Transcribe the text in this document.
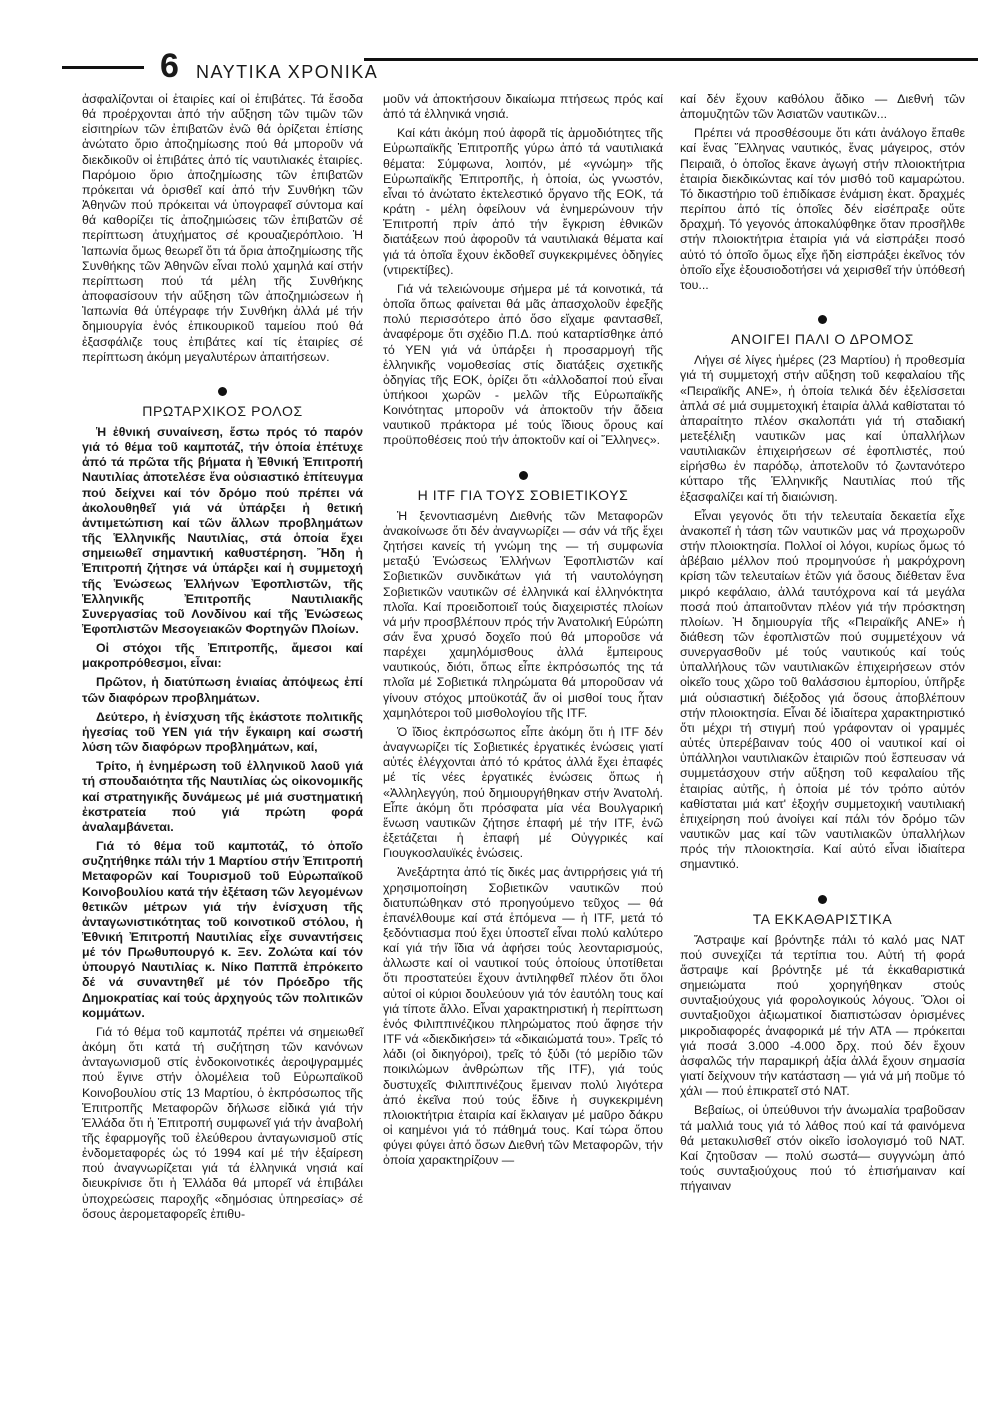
6 ΝΑΥΤΙΚΑ ΧΡΟΝΙΚΑ

ἀσφαλίζονται οἱ ἐταιρίες καί οἱ ἐπιβάτες. Τά ἔσοδα θά προέρχονται ἀπό τήν αὔξηση τῶν τιμῶν τῶν εἰσιτηρίων τῶν ἐπιβατῶν ἐνῶ θά ὁρίζεται ἐπίσης ἀνώτατο ὅριο ἀποζημίωσης πού θά μποροῦν νά διεκδικοῦν οἱ ἐπιβάτες ἀπό τίς ναυτιλιακές ἐταιρίες. Παρόμοιο ὅριο ἀποζημίωσης τῶν ἐπιβατῶν πρόκειται νά ὁρισθεῖ καί ἀπό τήν Συνθήκη τῶν Ἀθηνῶν πού πρόκειται νά ὑπογραφεῖ σύντομα καί θά καθορίζει τίς ἀποζημιώσεις τῶν ἐπιβατῶν σέ περίπτωση ἀτυχήματος σέ κρουαζιερόπλοιο. Ἡ Ἰαπωνία ὅμως θεωρεῖ ὅτι τά ὅρια ἀποζημίωσης τῆς Συνθήκης τῶν Ἀθηνῶν εἶναι πολύ χαμηλά καί στήν περίπτωση πού τά μέλη τῆς Συνθήκης ἀποφασίσουν τήν αὔξηση τῶν ἀποζημιώσεων ἡ Ἰαπωνία θά ὑπέγραφε τήν Συνθήκη ἀλλά μέ τήν δημιουργία ἑνός ἐπικουρικοῦ ταμείου πού θά ἐξασφάλιζε τους ἐπιβάτες καί τίς ἐταιρίες σέ περίπτωση ἀκόμη μεγαλυτέρων ἀπαιτήσεων.

ΠΡΩΤΑΡΧΙΚΟΣ ΡΟΛΟΣ

Ἡ ἐθνική συναίνεση, ἔστω πρός τό παρόν γιά τό θέμα τοῦ καμποτάζ, τήν ὁποία ἐπέτυχε ἀπό τά πρῶτα τῆς βήματα ἡ Ἐθνική Ἐπιτροπή Ναυτιλίας ἀποτελέσε ἕνα οὐσιαστικό ἐπίτευγμα πού δείχνει καί τόν δρόμο πού πρέπει νά ἀκολουθηθεῖ γιά νά ὑπάρξει ἡ θετική ἀντιμετώπιση καί τῶν ἄλλων προβλημάτων τῆς Ἑλληνικῆς Ναυτιλίας, στά ὁποία ἔχει σημειωθεῖ σημαντική καθυστέρηση. Ἤδη ἡ Ἐπιτροπή ζήτησε νά ὑπάρξει καί ἡ συμμετοχή τῆς Ἑνώσεως Ἑλλήνων Ἐφοπλιστῶν, τῆς Ἑλληνικῆς Ἐπιτροπῆς Ναυτιλιακῆς Συνεργασίας τοῦ Λονδίνου καί τῆς Ἑνώσεως Ἐφοπλιστῶν Μεσογειακῶν Φορτηγῶν Πλοίων.

Οἱ στόχοι τῆς Ἐπιτροπῆς, ἄμεσοι καί μακροπρόθεσμοι, εἶναι:

Πρῶτον, ἡ διατύπωση ἑνιαίας ἀπόψεως ἐπί τῶν διαφόρων προβλημάτων.

Δεύτερο, ἡ ἐνίσχυση τῆς ἑκάστοτε πολιτικῆς ἡγεσίας τοῦ ΥΕΝ γιά τήν ἔγκαιρη καί σωστή λύση τῶν διαφόρων προβλημάτων, καί,

Τρίτο, ἡ ἐνημέρωση τοῦ ἑλληνικοῦ λαοῦ γιά τή σπουδαιότητα τῆς Ναυτιλίας ὡς οἰκονομικῆς καί στρατηγικῆς δυνάμεως μέ μιά συστηματική ἐκστρατεία πού γιά πρώτη φορά ἀναλαμβάνεται.

Γιά τό θέμα τοῦ καμποτάζ, τό ὁποῖο συζητήθηκε πάλι τήν 1 Μαρτίου στήν Ἐπιτροπή Μεταφορῶν καί Τουρισμοῦ τοῦ Εὐρωπαϊκοῦ Κοινοβουλίου κατά τήν ἐξέταση τῶν λεγομένων θετικῶν μέτρων γιά τήν ἐνίσχυση τῆς ἀνταγωνιστικότητας τοῦ κοινοτικοῦ στόλου, ἡ Ἐθνική Ἐπιτροπή Ναυτιλίας εἶχε συναντήσεις μέ τόν Πρωθυπουργό κ. Ξεν. Ζολώτα καί τόν ὑπουργό Ναυτιλίας κ. Νίκο Παππᾶ ἐπρόκειτο δέ νά συναντηθεῖ μέ τόν Πρόεδρο τῆς Δημοκρατίας καί τούς ἀρχηγούς τῶν πολιτικῶν κομμάτων.

Γιά τό θέμα τοῦ καμποτάζ πρέπει νά σημειωθεῖ ἀκόμη ὅτι κατά τή συζήτηση τῶν κανόνων ἀνταγωνισμοῦ στίς ἐνδοκοινοτικές ἀεροψγραμμές πού ἔγινε στήν ὁλομέλεια τοῦ Εὐρωπαϊκοῦ Κοινοβουλίου στίς 13 Μαρτίου, ὁ ἐκπρόσωπος τῆς Ἐπιτροπῆς Μεταφορῶν δήλωσε εἰδικά γιά τήν Ἑλλάδα ὅτι ἡ Ἐπιτροπή συμφωνεῖ γιά τήν ἀναβολή τῆς ἐφαρμογῆς τοῦ ἐλεύθερου ἀνταγωνισμοῦ στίς ἐνδομεταφορές ὡς τό 1994 καί μέ τήν ἐξαίρεση πού ἀναγνωρίζεται γιά τά ἑλληνικά νησιά καί διευκρίνισε ὅτι ἡ Ἑλλάδα θά μπορεῖ νά ἐπιβάλει ὑποχρεώσεις παροχῆς «δημόσιας ὑπηρεσίας» σέ ὅσους ἀερομεταφορεῖς ἐπιθυ-

μοῦν νά ἀποκτήσουν δικαίωμα πτήσεως πρός καί ἀπό τά ἑλληνικά νησιά.

Καί κάτι ἀκόμη πού ἀφορᾶ τίς ἁρμοδιότητες τῆς Εὐρωπαϊκῆς Ἐπιτροπῆς γύρω ἀπό τά ναυτιλιακά θέματα: Σύμφωνα, λοιπόν, μέ «γνώμη» τῆς Εὐρωπαϊκῆς Ἐπιτροπῆς, ἡ ὁποία, ὡς γνωστόν, εἶναι τό ἀνώτατο ἐκτελεστικό ὄργανο τῆς ΕΟΚ, τά κράτη - μέλη ὀφείλουν νά ἐνημερώνουν τήν Ἐπιτροπή πρίν ἀπό τήν ἔγκριση ἐθνικῶν διατάξεων πού ἀφοροῦν τά ναυτιλιακά θέματα καί γιά τά ὁποῖα ἔχουν ἐκδοθεῖ συγκεκριμένες ὁδηγίες (ντιρεκτίβες).

Γιά νά τελειώνουμε σήμερα μέ τά κοινοτικά, τά ὁποῖα ὅπως φαίνεται θά μᾶς ἀπασχολοῦν ἐφεξῆς πολύ περισσότερο ἀπό ὅσο εἴχαμε φαντασθεῖ, ἀναφέρομε ὅτι σχέδιο Π.Δ. πού καταρτίσθηκε ἀπό τό ΥΕΝ γιά νά ὑπάρξει ἡ προσαρμογή τῆς ἑλληνικῆς νομοθεσίας στίς διατάξεις σχετικῆς ὁδηγίας τῆς ΕΟΚ, ὁρίζει ὅτι «ἀλλοδαποί πού εἶναι ὑπήκοοι χωρῶν - μελῶν τῆς Εὐρωπαϊκῆς Κοινότητας μποροῦν νά ἀποκτοῦν τήν ἄδεια ναυτικοῦ πράκτορα μέ τούς ἴδιους ὅρους καί προϋποθέσεις πού τήν ἀποκτοῦν καί οἱ Ἕλληνες».

Η ITF ΓΙΑ ΤΟΥΣ ΣΟΒΙΕΤΙΚΟΥΣ

Ἡ ξενοντιασμένη Διεθνής τῶν Μεταφορῶν ἀνακοίνωσε ὅτι δέν ἀναγνωρίζει — σάν νά τῆς ἔχει ζητήσει κανείς τή γνώμη της — τή συμφωνία μεταξύ Ἑνώσεως Ἑλλήνων Ἐφοπλιστῶν καί Σοβιετικῶν συνδικάτων γιά τή ναυτολόγηση Σοβιετικῶν ναυτικῶν σέ ἑλληνικά καί ἑλληνόκτητα πλοῖα. Καί προειδοποιεῖ τούς διαχειριστές πλοίων νά μήν προσβλέπουν πρός τήν Ἀνατολική Εὐρώπη σάν ἕνα χρυσό δοχεῖο πού θά μποροῦσε νά παρέχει χαμηλόμισθους ἀλλά ἔμπειρους ναυτικούς, διότι, ὅπως εἶπε ἐκπρόσωπός της τά πλοῖα μέ Σοβιετικά πληρώματα θά μποροῦσαν νά γίνουν στόχος μποϋκοτάζ ἄν οἱ μισθοί τους ἦταν χαμηλότεροι τοῦ μισθολογίου τῆς ITF.

Ὁ ἴδιος ἐκπρόσωπος εἶπε ἀκόμη ὅτι ἡ ITF δέν ἀναγνωρίζει τίς Σοβιετικές ἐργατικές ἑνώσεις γιατί αὐτές ἐλέγχονται ἀπό τό κράτος ἀλλά ἔχει ἐπαφές μέ τίς νέες ἐργατικές ἑνώσεις ὅπως ἡ «Ἀλληλεγγύη, πού δημιουργήθηκαν στήν Ἀνατολή. Εἶπε ἀκόμη ὅτι πρόσφατα μία νέα Βουλγαρική ἕνωση ναυτικῶν ζήτησε ἐπαφή μέ τήν ITF, ἐνῶ ἐξετάζεται ἡ ἐπαφή μέ Οὐγγρικές καί Γιουγκοσλαυϊκές ἑνώσεις.

Ἀνεξάρτητα ἀπό τίς δικές μας ἀντιρρήσεις γιά τή χρησιμοποίηση Σοβιετικῶν ναυτικῶν πού διατυπώθηκαν στό προηγούμενο τεῦχος — θά ἐπανέλθουμε καί στά ἑπόμενα — ἡ ITF, μετά τό ξεδόντιασμα πού ἔχει ὑποστεῖ εἶναι πολύ καλύτερο καί γιά τήν ἴδια νά ἀφήσει τούς λεονταρισμούς, ἀλλωστε καί οἱ ναυτικοί τούς ὁποίους ὑποτίθεται ὅτι προστατεύει ἔχουν ἀντιληφθεῖ πλέον ὅτι ὅλοι αὐτοί οἱ κύριοι δουλεύουν γιά τόν ἑαυτόλη τους καί γιά τίποτε ἄλλο. Εἶναι χαρακτηριστική ἡ περίπτωση ἑνός Φιλιππινέζικου πληρώματος πού ἄφησε τήν ITF νά «διεκδικήσει» τά «δικαιώματά του». Τρεῖς τό λάδι (οἱ δικηγόροι), τρεῖς τό ξύδι (τό μερίδιο τῶν ποικιλώμων ἀνθρώπων τῆς ITF), γιά τούς δυστυχεῖς Φιλιππινέζους ἔμειναν πολύ λιγότερα ἀπό ἐκεῖνα πού τούς ἔδινε ἡ συγκεκριμένη πλοιοκτήτρια ἐταιρία καί ἔκλαιγαν μέ μαῦρο δάκρυ οἱ καημένοι γιά τό πάθημά τους. Καί τώρα ὅπου φύγει φύγει ἀπό ὅσων Διεθνή τῶν Μεταφορῶν, τήν ὁποία χαρακτηρίζουν —

καί δέν ἔχουν καθόλου ἄδικο — Διεθνή τῶν ἀπομυζητῶν τῶν Ἀσιατῶν ναυτικῶν...

Πρέπει νά προσθέσουμε ὅτι κάτι ἀνάλογο ἔπαθε καί ἕνας Ἕλληνας ναυτικός, ἕνας μάγειρος, στόν Πειραιᾶ, ὁ ὁποῖος ἔκανε ἀγωγή στήν πλοιοκτήτρια ἐταιρία διεκδικώντας καί τόν μισθό τοῦ καμαρώτου. Τό δικαστήριο τοῦ ἐπιδίκασε ἐνάμιση ἑκατ. δραχμές περίπου ἀπό τίς ὁποῖες δέν εἰσέπραξε οὔτε δραχμή. Τό γεγονός ἀποκαλύφθηκε ὅταν προσῆλθε στήν πλοιοκτήτρια ἐταιρία γιά νά εἰσπράξει ποσό αὐτό τό ὁποῖο ὅμως εἶχε ἤδη εἰσπράξει ἐκεῖνος τόν ὁποῖο εἶχε ἐξουσιοδοτήσει νά χειρισθεῖ τήν ὑπόθεσή του...

ΑΝΟΙΓΕΙ ΠΑΛΙ Ο ΔΡΟΜΟΣ

Λήγει σέ λίγες ἡμέρες (23 Μαρτίου) ἡ προθεσμία γιά τή συμμετοχή στήν αὔξηση τοῦ κεφαλαίου τῆς «Πειραϊκῆς ΑΝΕ», ἡ ὁποία τελικά δέν ἐξελίσσεται ἁπλά σέ μιά συμμετοχική ἐταιρία ἀλλά καθίσταται τό ἀπαραίτητο πλέον σκαλοπάτι γιά τή σταδιακή μετεξέλιξη ναυτικῶν μας καί ὑπαλλήλων ναυτιλιακῶν ἐπιχειρήσεων σέ ἐφοπλιστές, πού εἰρήσθω ἐν παρόδῳ, ἀποτελοῦν τό ζωντανότερο κύτταρο τῆς Ἑλληνικῆς Ναυτιλίας πού τῆς ἐξασφαλίζει καί τή διαιώνιση.

Εἶναι γεγονός ὅτι τήν τελευταία δεκαετία εἶχε ἀνακοπεῖ ἡ τάση τῶν ναυτικῶν μας νά προχωροῦν στήν πλοιοκτησία. Πολλοί οἱ λόγοι, κυρίως ὅμως τό ἀβέβαιο μέλλον πού προμηνούσε ἡ μακρόχρονη κρίση τῶν τελευταίων ἐτῶν γιά ὅσους διέθεταν ἕνα μικρό κεφάλαιο, ἀλλά ταυτόχρονα καί τά μεγάλα ποσά πού ἀπαιτοῦνταν πλέον γιά τήν πρόσκτηση πλοίων. Ἡ δημιουργία τῆς «Πειραϊκῆς ΑΝΕ» ἡ διάθεση τῶν ἐφοπλιστῶν πού συμμετέχουν νά συνεργασθοῦν μέ τούς ναυτικούς καί τούς ὑπαλλήλους τῶν ναυτιλιακῶν ἐπιχειρήσεων στόν οἰκεῖο τους χῶρο τοῦ θαλάσσιου ἐμπορίου, ὑπῆρξε μιά οὐσιαστική διέξοδος γιά ὅσους ἀποβλέπουν στήν πλοιοκτησία. Εἶναι δέ ἰδιαίτερα χαρακτηριστικό ὅτι μέχρι τή στιγμή πού γράφονταν οἱ γραμμές αὐτές ὑπερέβαιναν τούς 400 οἱ ναυτικοί καί οἱ ὑπάλληλοι ναυτιλιακῶν ἐταιριῶν πού ἔσπευσαν νά συμμετάσχουν στήν αὔξηση τοῦ κεφαλαίου τῆς ἐταιρίας αὐτῆς, ἡ ὁποία μέ τόν τρόπο αὐτόν καθίσταται μιά κατ' ἐξοχήν συμμετοχική ναυτιλιακή ἐπιχείρηση πού ἀνοίγει καί πάλι τόν δρόμο τῶν ναυτικῶν μας καί τῶν ναυτιλιακῶν ὑπαλλήλων πρός τήν πλοιοκτησία. Καί αὐτό εἶναι ἰδιαίτερα σημαντικό.

ΤΑ ΕΚΚΑΘΑΡΙΣΤΙΚΑ

Ἄστραψε καί βρόντηξε πάλι τό καλό μας ΝΑΤ πού συνεχίζει τά τερτίπια του. Αὐτή τή φορά ἄστραψε καί βρόντηξε μέ τά ἐκκαθαριστικά σημειώματα πού χορηγήθηκαν στούς συνταξιούχους γιά φορολογικούς λόγους. Ὅλοι οἱ συνταξιοῦχοι ἀξιωματικοί διαπιστώσαν ὁρισμένες μικροδιαφορές ἀναφορικά μέ τήν ΑΤΑ — πρόκειται γιά ποσά 3.000 -4.000 δρχ. πού δέν ἔχουν ἀσφαλῶς τήν παραμικρή ἀξία ἀλλά ἔχουν σημασία γιατί δείχνουν τήν κατάσταση — γιά νά μή ποῦμε τό χάλι — πού ἐπικρατεῖ στό ΝΑΤ.

Βεβαίως, οἱ ὑπεύθυνοι τήν ἀνωμαλία τραβοῦσαν τά μαλλιά τους γιά τό λάθος πού καί τά φαινόμενα θά μετακυλισθεῖ στόν οἰκεῖο ἰσολογισμό τοῦ ΝΑΤ. Καί ζητοῦσαν — πολύ σωστά— συγγνώμη ἀπό τούς συνταξιούχους πού τό ἐπισήμαιναν καί πήγαιναν
